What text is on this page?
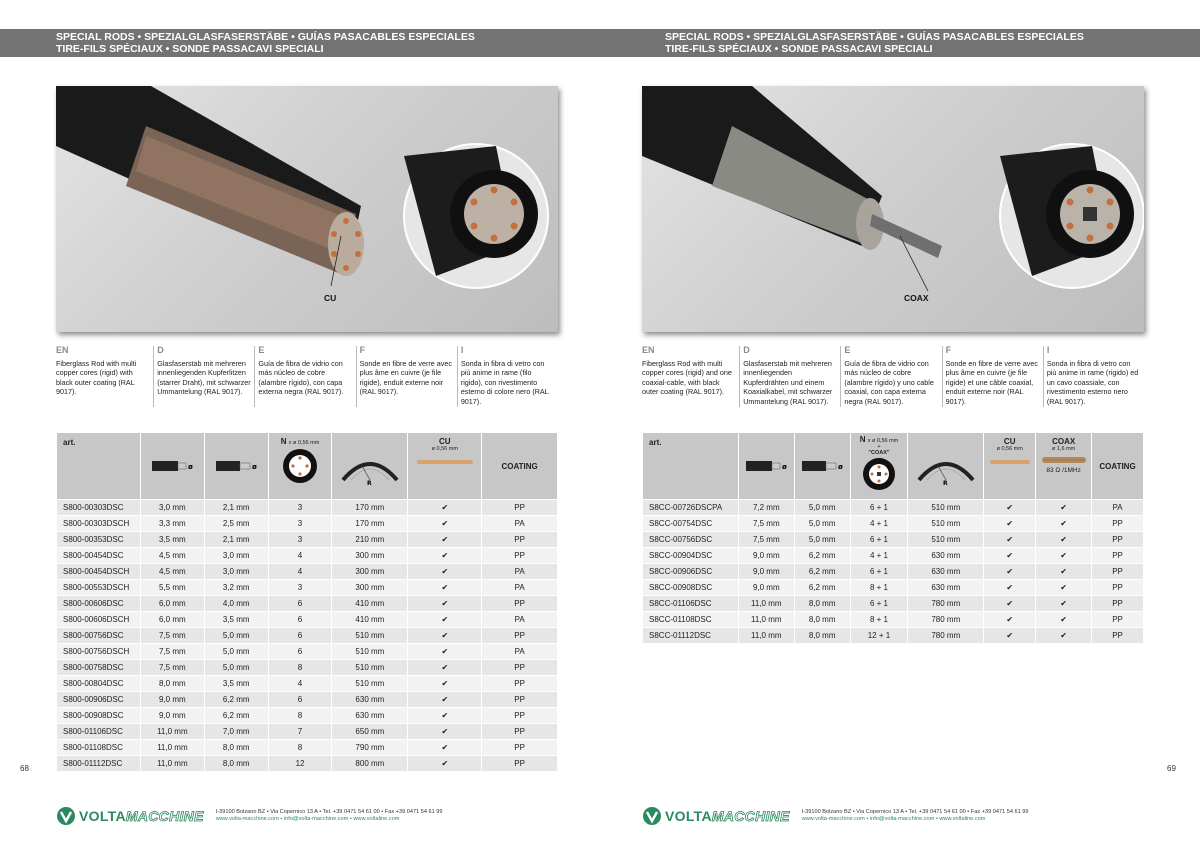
SPECIAL RODS • SPEZIALGLASFASERSTÄBE • GUÍAS PASACABLES ESPECIALES
TIRE-FILS SPÉCIAUX • SONDE PASSACAVI SPECIALI
CU
EN
Fiberglass Rod with multi copper cores (rigid) with black outer coating (RAL 9017).
D
Glasfaserstab mit mehreren innenliegenden Kupferlitzen (starrer Draht), mit schwarzer Ummantelung (RAL 9017).
E
Guía de fibra de vidrio con más núcleo de cobre (alambre rígido), con capa externa negra (RAL 9017).
F
Sonde en fibre de verre avec plus âme en cuivre (je file rigide), enduit externe noir (RAL 9017).
I
Sonda in fibra di vetro con più anime in rame (filo rigido), con rivestimento esterno di colore nero (RAL 9017).
art.	ø	ø	N x ø 0,56 mm	R	CU
ø 0,56 mm	COATING

S800-00303DSC	3,0 mm	2,1 mm	3	170 mm	✔	PP
S800-00303DSCH	3,3 mm	2,5 mm	3	170 mm	✔	PA
S800-00353DSC	3,5 mm	2,1 mm	3	210 mm	✔	PP
S800-00454DSC	4,5 mm	3,0 mm	4	300 mm	✔	PP
S800-00454DSCH	4,5 mm	3,0 mm	4	300 mm	✔	PA
S800-00553DSCH	5,5 mm	3,2 mm	3	300 mm	✔	PA
S800-00606DSC	6,0 mm	4,0 mm	6	410 mm	✔	PP
S800-00606DSCH	6,0 mm	3,5 mm	6	410 mm	✔	PA
S800-00756DSC	7,5 mm	5,0 mm	6	510 mm	✔	PP
S800-00756DSCH	7,5 mm	5,0 mm	6	510 mm	✔	PA
S800-00758DSC	7,5 mm	5,0 mm	8	510 mm	✔	PP
S800-00804DSC	8,0 mm	3,5 mm	4	510 mm	✔	PP
S800-00906DSC	9,0 mm	6,2 mm	6	630 mm	✔	PP
S800-00908DSC	9,0 mm	6,2 mm	8	630 mm	✔	PP
S800-01106DSC	11,0 mm	7,0 mm	7	650 mm	✔	PP
S800-01108DSC	11,0 mm	8,0 mm	8	790 mm	✔	PP
S800-01112DSC	11,0 mm	8,0 mm	12	800 mm	✔	PP
68
VOLTAMACCHINE I-39100 Bolzano BZ • Via Copernico 13 A • Tel. +39 0471 54 61 00 • Fax +39 0471 54 61 99
www.volta-macchine.com • info@volta-macchine.com • www.voltaline.com
SPECIAL RODS • SPEZIALGLASFASERSTÄBE • GUÍAS PASACABLES ESPECIALES
TIRE-FILS SPÉCIAUX • SONDE PASSACAVI SPECIALI
COAX
EN
Fiberglass Rod with multi copper cores (rigid) and one coaxial-cable, with black outer coating (RAL 9017).
D
Glasfaserstab mit mehreren innenliegenden Kupferdrähten und einem Koaxialkabel, mit schwarzer Ummantelung (RAL 9017).
E
Guía de fibra de vidrio con más núcleo de cobre (alambre rígido) y uno cable coaxial, con capa externa negra (RAL 9017).
F
Sonde en fibre de verre avec plus âme en cuivre (je file rigide) et une câble coaxial, enduit externe noir (RAL 9017).
I
Sonda in fibra di vetro con più anime in rame (rigido) ed un cavo coassiale, con rivestimento esterno nero (RAL 9017).
art.	ø	ø	N x ø 0,56 mm
+
"COAX"	R	CU
ø 0,56 mm	COAX
ø 1,6 mm
83 Ω /1MHz	COATING

S8CC-00726DSCPA	7,2 mm	5,0 mm	6 + 1	510 mm	✔	✔	PA
S8CC-00754DSC	7,5 mm	5,0 mm	4 + 1	510 mm	✔	✔	PP
S8CC-00756DSC	7,5 mm	5,0 mm	6 + 1	510 mm	✔	✔	PP
S8CC-00904DSC	9,0 mm	6,2 mm	4 + 1	630 mm	✔	✔	PP
S8CC-00906DSC	9,0 mm	6,2 mm	6 + 1	630 mm	✔	✔	PP
S8CC-00908DSC	9,0 mm	6,2 mm	8 + 1	630 mm	✔	✔	PP
S8CC-01106DSC	11,0 mm	8,0 mm	6 + 1	780 mm	✔	✔	PP
S8CC-01108DSC	11,0 mm	8,0 mm	8 + 1	780 mm	✔	✔	PP
S8CC-01112DSC	11,0 mm	8,0 mm	12 + 1	780 mm	✔	✔	PP
69
VOLTAMACCHINE I-39100 Bolzano BZ • Via Copernico 13 A • Tel. +39 0471 54 61 00 • Fax +39 0471 54 61 99
www.volta-macchine.com • info@volta-macchine.com • www.voltaline.com
